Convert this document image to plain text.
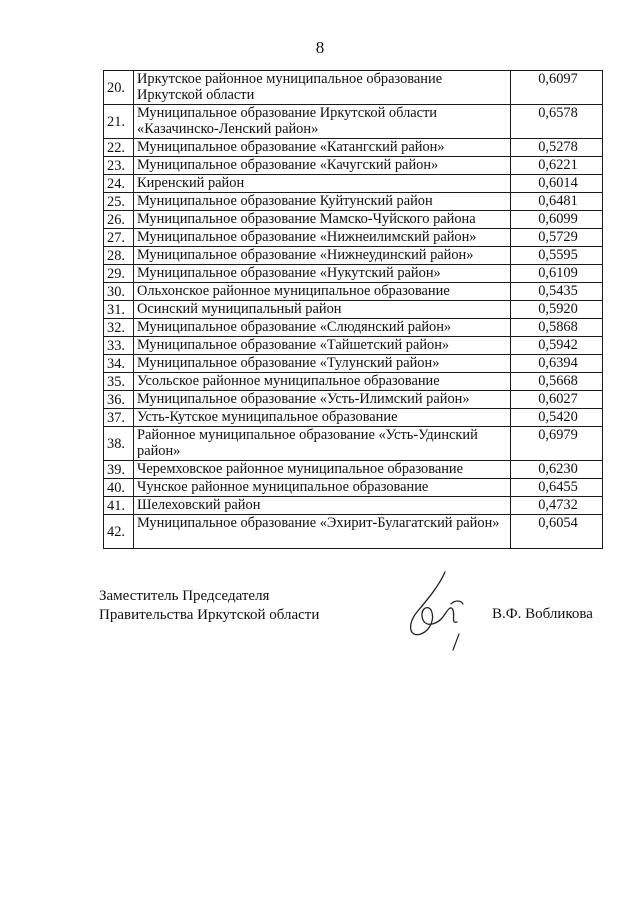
8
20.	Иркутское районное муниципальное образование Иркутской области	0,6097
21.	Муниципальное образование Иркутской области «Казачинско-Ленский район»	0,6578
22.	Муниципальное образование «Катангский район»	0,5278
23.	Муниципальное образование «Качугский район»	0,6221
24.	Киренский район	0,6014
25.	Муниципальное образование Куйтунский район	0,6481
26.	Муниципальное образование Мамско-Чуйского района	0,6099
27.	Муниципальное образование «Нижнеилимский район»	0,5729
28.	Муниципальное образование «Нижнеудинский район»	0,5595
29.	Муниципальное образование «Нукутский район»	0,6109
30.	Ольхонское районное муниципальное образование	0,5435
31.	Осинский муниципальный район	0,5920
32.	Муниципальное образование «Слюдянский район»	0,5868
33.	Муниципальное образование «Тайшетский район»	0,5942
34.	Муниципальное образование «Тулунский район»	0,6394
35.	Усольское районное муниципальное образование	0,5668
36.	Муниципальное образование «Усть-Илимский район»	0,6027
37.	Усть-Кутское муниципальное образование	0,5420
38.	Районное муниципальное образование «Усть-Удинский район»	0,6979
39.	Черемховское районное муниципальное образование	0,6230
40.	Чунское районное муниципальное образование	0,6455
41.	Шелеховский район	0,4732
42.	Муниципальное образование «Эхирит-Булагатский район»	0,6054
Заместитель Председателя
Правительства Иркутской области	В.Ф. Вобликова
